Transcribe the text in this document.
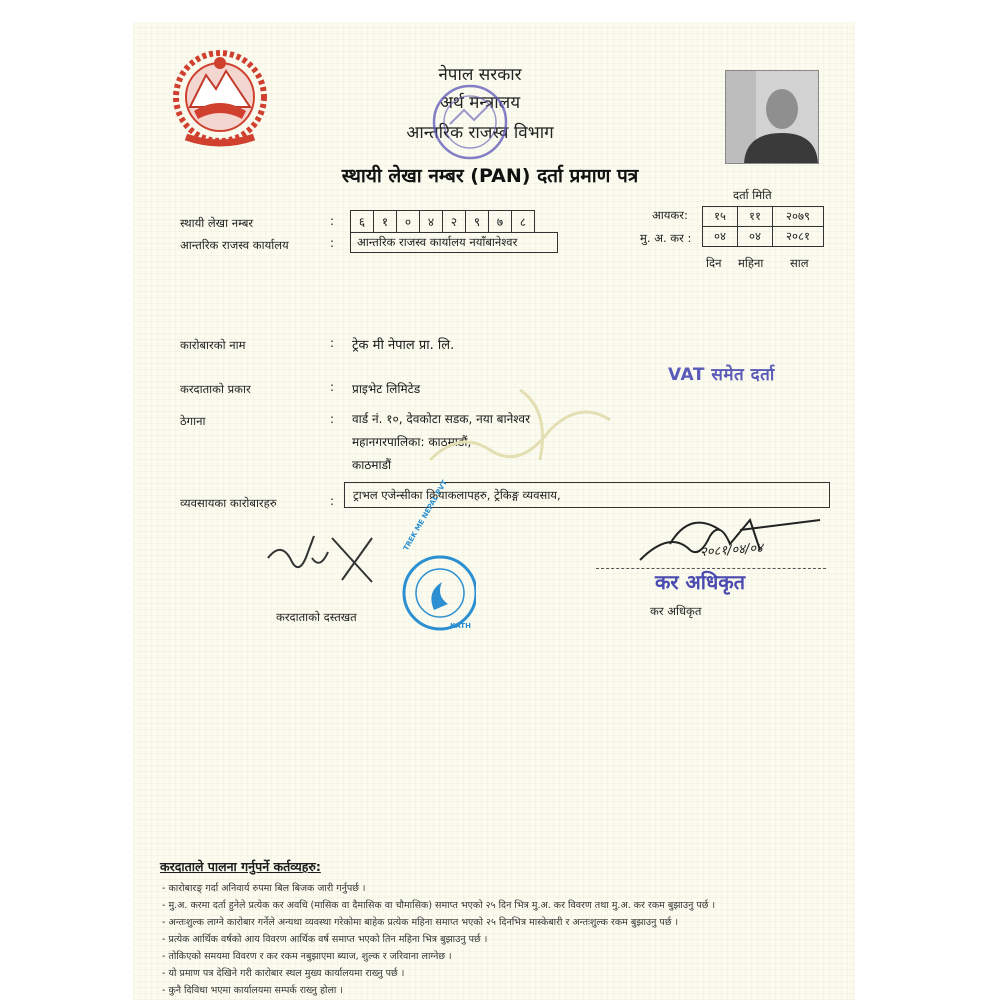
नेपाल सरकार
अर्थ मन्त्रालय
आन्तरिक राजस्व विभाग
स्थायी लेखा नम्बर (PAN) दर्ता प्रमाण पत्र
दर्ता मिति
आयकर:
मु. अ. कर :
१५	११	२०७९
०४	०४	२०८१
दिन महिना साल
स्थायी लेखा नम्बर	:	६	१	०	४	२	९	७	८
आन्तरिक राजस्व कार्यालय	:	आन्तरिक राजस्व कार्यालय नयाँबानेश्वर
कारोबारको नाम	: ट्रेक मी नेपाल प्रा. लि.
करदाताको प्रकार	: प्राइभेट लिमिटेड
VAT समेत दर्ता
ठेगाना	: वार्ड नं. १०, देवकोटा सडक, नया बानेश्वर
महानगरपालिका: काठमाडौं,
काठमाडौं
व्यवसायका कारोबारहरु	:	ट्राभल एजेन्सीका क्रियाकलापहरु, ट्रेकिङ्ग व्यवसाय,
करदाताको दस्तखत
TREK ME NEPAL PVT
KATH
२०८१/०४/०४
कर अधिकृत
कर अधिकृत
करदाताले पालना गर्नुपर्ने कर्तव्यहरु:
- कारोबारङ् गर्दा अनिवार्य रुपमा बिल बिजक जारी गर्नुपर्छ ।
- मु.अ. करमा दर्ता हुनेले प्रत्येक कर अवधि (मासिक वा दैमासिक वा चौमासिक) समाप्त भएको २५ दिन भित्र मु.अ. कर विवरण तथा मु.अ. कर रकम बुझाउनु पर्छ ।
- अन्तःशुल्क लाग्ने कारोबार गर्नेले अन्यथा व्यवस्था गरेकोमा बाहेक प्रत्येक महिना समाप्त भएको २५ दिनभित्र मास्केबारी र अन्तःशुल्क रकम बुझाउनु पर्छ ।
- प्रत्येक आर्थिक वर्षको आय विवरण आर्थिक वर्ष समाप्त भएको तिन महिना भित्र बुझाउनु पर्छ ।
- तोकिएको समयमा विवरण र कर रकम नबुझाएमा ब्याज, शुल्क र जरिवाना लाग्नेछ ।
- यो प्रमाण पत्र देखिने गरी कारोबार स्थल मुख्य कार्यालयमा राख्नु पर्छ ।
- कुनै दिविधा भएमा कार्यालयमा सम्पर्क राख्नु होला ।
